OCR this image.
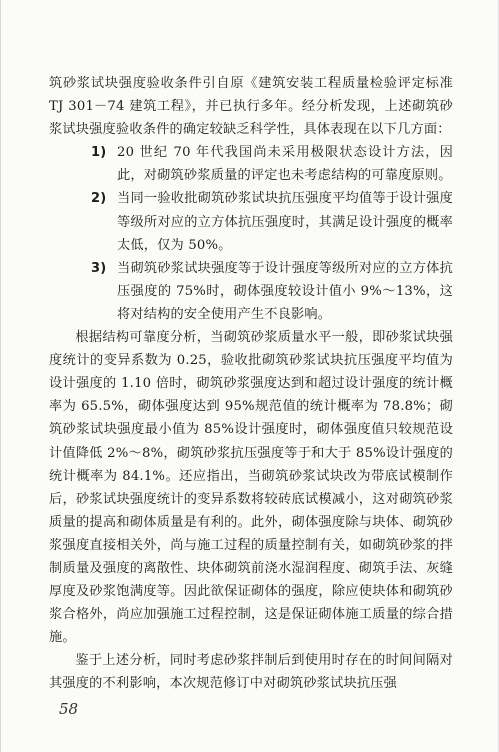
筑砂浆试块强度验收条件引自原《建筑安装工程质量检验评定标准 TJ 301－74 建筑工程》，并已执行多年。经分析发现，上述砌筑砂浆试块强度验收条件的确定较缺乏科学性，具体表现在以下几方面：

1) 20 世纪 70 年代我国尚未采用极限状态设计方法，因此，对砌筑砂浆质量的评定也未考虑结构的可靠度原则。
2) 当同一验收批砌筑砂浆试块抗压强度平均值等于设计强度等级所对应的立方体抗压强度时，其满足设计强度的概率太低，仅为 50%。
3) 当砌筑砂浆试块强度等于设计强度等级所对应的立方体抗压强度的 75%时，砌体强度较设计值小 9%～13%，这将对结构的安全使用产生不良影响。

根据结构可靠度分析，当砌筑砂浆质量水平一般，即砂浆试块强度统计的变异系数为 0.25，验收批砌筑砂浆试块抗压强度平均值为设计强度的 1.10 倍时，砌筑砂浆强度达到和超过设计强度的统计概率为 65.5%，砌体强度达到 95%规范值的统计概率为 78.8%；砌筑砂浆试块强度最小值为 85%设计强度时，砌体强度值只较规范设计值降低 2%～8%，砌筑砂浆抗压强度等于和大于 85%设计强度的统计概率为 84.1%。还应指出，当砌筑砂浆试块改为带底试模制作后，砂浆试块强度统计的变异系数将较砖底试模减小，这对砌筑砂浆质量的提高和砌体质量是有利的。此外，砌体强度除与块体、砌筑砂浆强度直接相关外，尚与施工过程的质量控制有关，如砌筑砂浆的拌制质量及强度的离散性、块体砌筑前浇水湿润程度、砌筑手法、灰缝厚度及砂浆饱满度等。因此欲保证砌体的强度，除应使块体和砌筑砂浆合格外，尚应加强施工过程控制，这是保证砌体施工质量的综合措施。

鉴于上述分析，同时考虑砂浆拌制后到使用时存在的时间间隔对其强度的不利影响，本次规范修订中对砌筑砂浆试块抗压强

58
